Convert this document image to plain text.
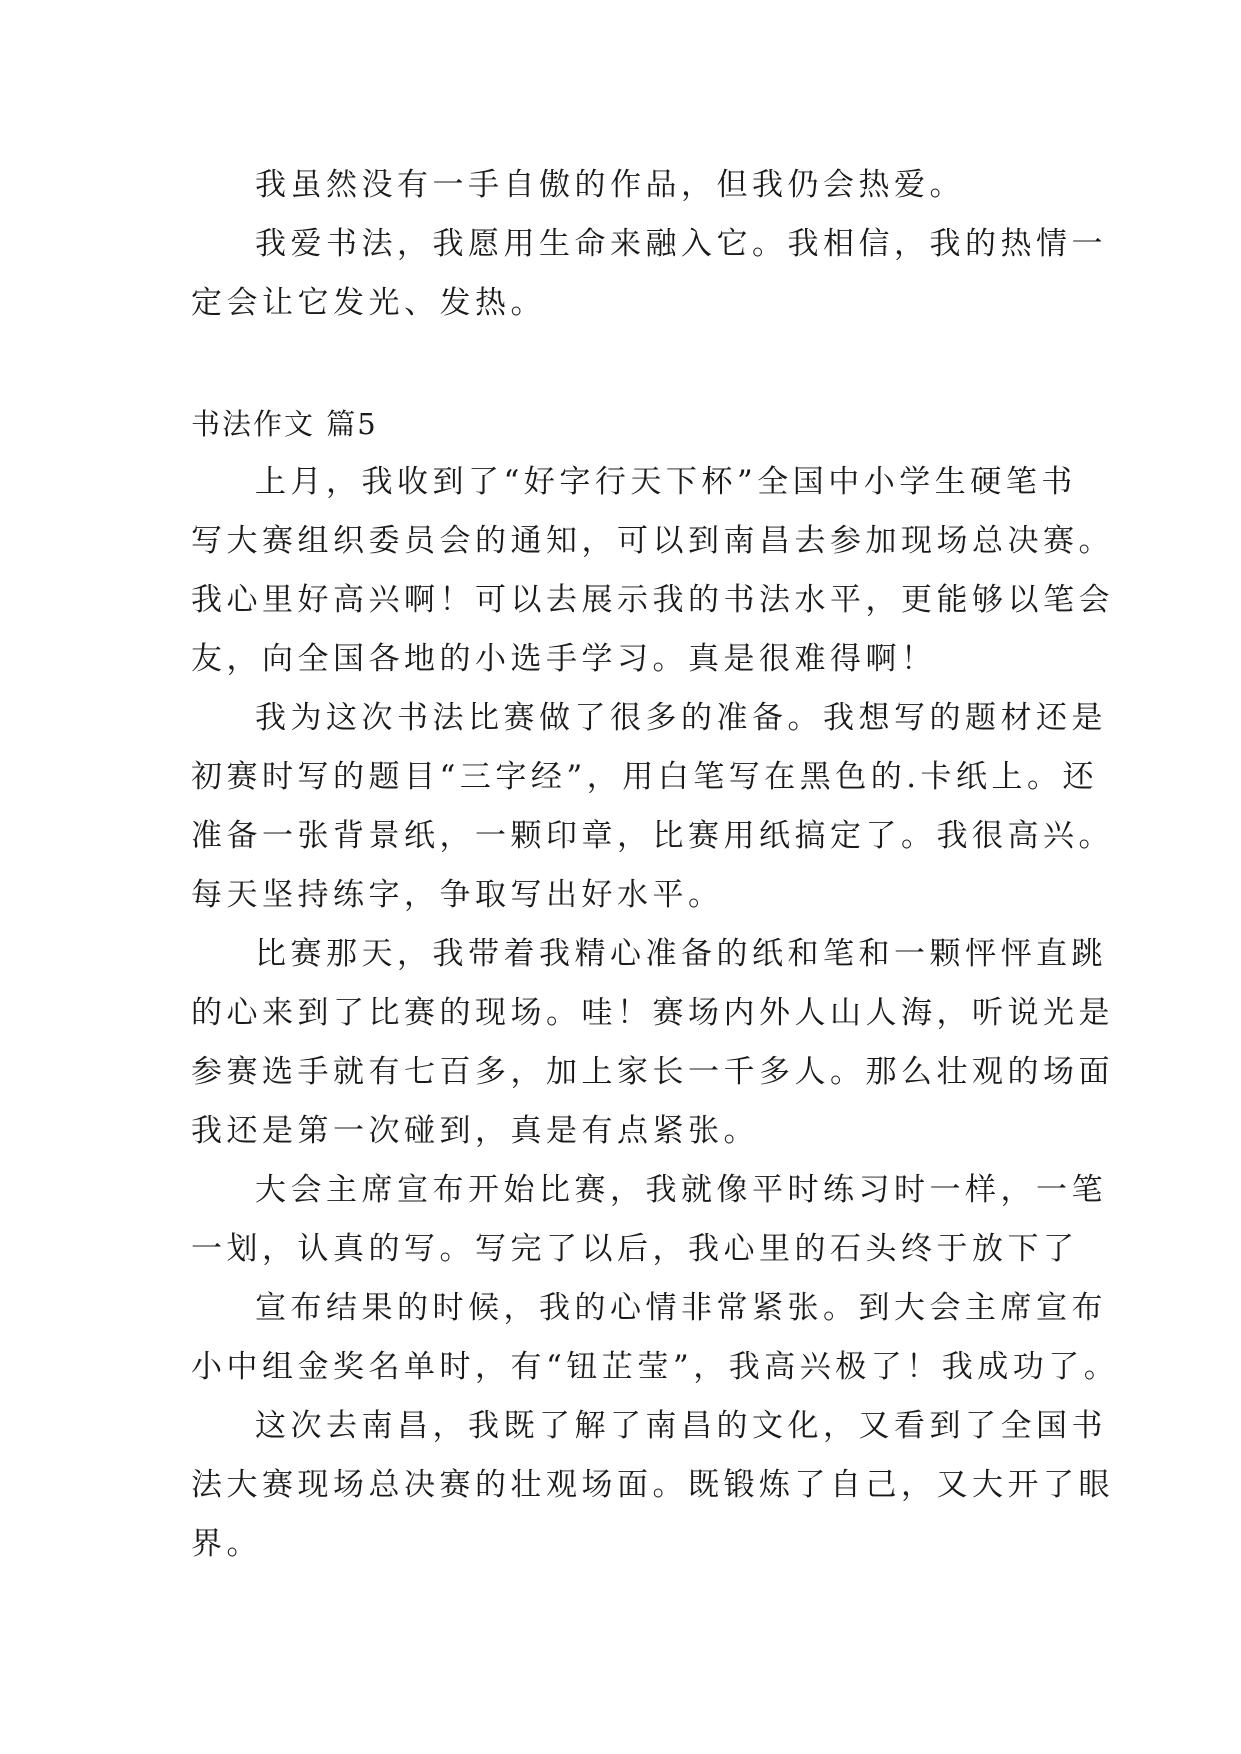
我虽然没有一手自傲的作品，但我仍会热爱。
我爱书法，我愿用生命来融入它。我相信，我的热情一
定会让它发光、发热。
书法作文 篇5
上月，我收到了“好字行天下杯”全国中小学生硬笔书
写大赛组织委员会的通知，可以到南昌去参加现场总决赛。
我心里好高兴啊！可以去展示我的书法水平，更能够以笔会
友，向全国各地的小选手学习。真是很难得啊！
我为这次书法比赛做了很多的准备。我想写的题材还是
初赛时写的题目“三字经”，用白笔写在黑色的.卡纸上。还
准备一张背景纸，一颗印章，比赛用纸搞定了。我很高兴。
每天坚持练字，争取写出好水平。
比赛那天，我带着我精心准备的纸和笔和一颗怦怦直跳
的心来到了比赛的现场。哇！赛场内外人山人海，听说光是
参赛选手就有七百多，加上家长一千多人。那么壮观的场面
我还是第一次碰到，真是有点紧张。
大会主席宣布开始比赛，我就像平时练习时一样，一笔
一划，认真的写。写完了以后，我心里的石头终于放下了
宣布结果的时候，我的心情非常紧张。到大会主席宣布
小中组金奖名单时，有“钮芷莹”，我高兴极了！我成功了。
这次去南昌，我既了解了南昌的文化，又看到了全国书
法大赛现场总决赛的壮观场面。既锻炼了自己，又大开了眼
界。
